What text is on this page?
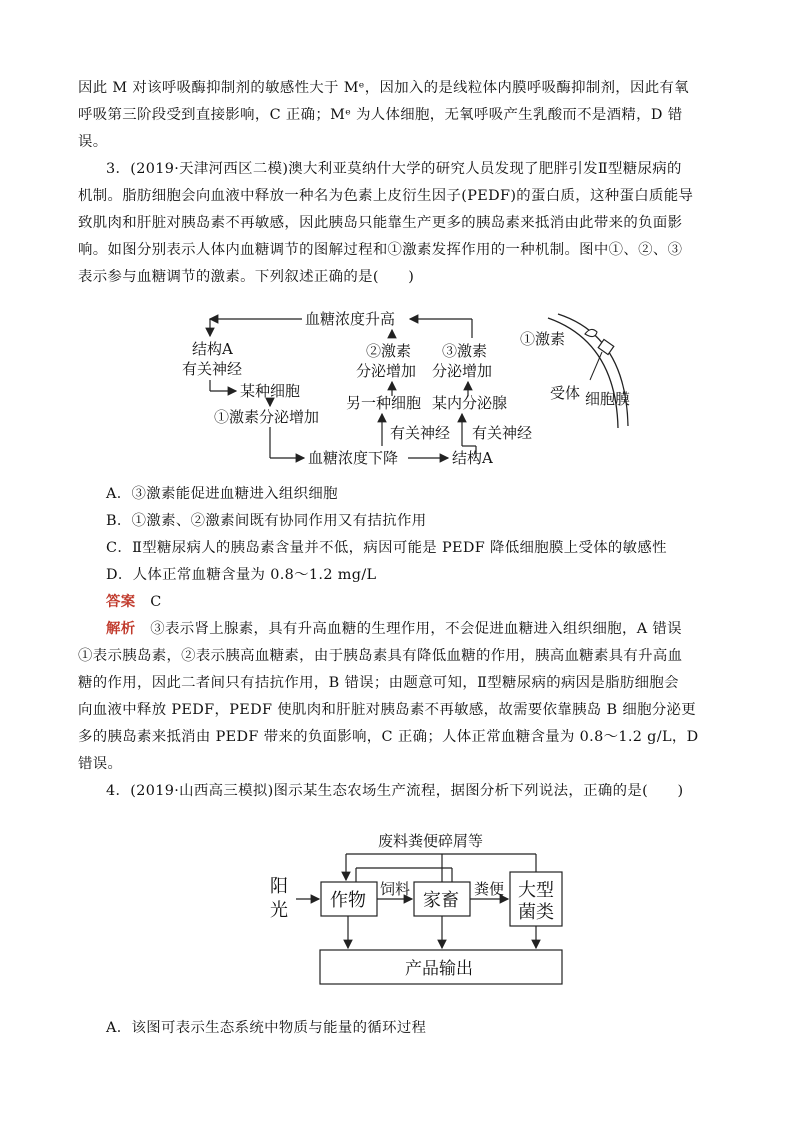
因此 M 对该呼吸酶抑制剂的敏感性大于 Mᵉ，因加入的是线粒体内膜呼吸酶抑制剂，因此有氧
呼吸第三阶段受到直接影响，C 正确；Mᵉ 为人体细胞，无氧呼吸产生乳酸而不是酒精，D 错
误。
3．(2019·天津河西区二模)澳大利亚莫纳什大学的研究人员发现了肥胖引发Ⅱ型糖尿病的
机制。脂肪细胞会向血液中释放一种名为色素上皮衍生因子(PEDF)的蛋白质，这种蛋白质能导
致肌肉和肝脏对胰岛素不再敏感，因此胰岛只能靠生产更多的胰岛素来抵消由此带来的负面影
响。如图分别表示人体内血糖调节的图解过程和①激素发挥作用的一种机制。图中①、②、③
表示参与血糖调节的激素。下列叙述正确的是(　　)
血糖浓度升高
结构A
有关神经
某种细胞
①激素分泌增加
②激素
分泌增加
③激素
分泌增加
另一种细胞 某内分泌腺
有关神经 有关神经
血糖浓度下降	结构A
①激素
受体 细胞膜
A．③激素能促进血糖进入组织细胞
B．①激素、②激素间既有协同作用又有拮抗作用
C．Ⅱ型糖尿病人的胰岛素含量并不低，病因可能是 PEDF 降低细胞膜上受体的敏感性
D．人体正常血糖含量为 0.8～1.2 mg/L
答案 C
解析 ③表示肾上腺素，具有升高血糖的生理作用，不会促进血糖进入组织细胞，A 错误
①表示胰岛素，②表示胰高血糖素，由于胰岛素具有降低血糖的作用，胰高血糖素具有升高血
糖的作用，因此二者间只有拮抗作用，B 错误；由题意可知，Ⅱ型糖尿病的病因是脂肪细胞会
向血液中释放 PEDF，PEDF 使肌肉和肝脏对胰岛素不再敏感，故需要依靠胰岛 B 细胞分泌更
多的胰岛素来抵消由 PEDF 带来的负面影响，C 正确；人体正常血糖含量为 0.8～1.2 g/L，D
错误。
4．(2019·山西高三模拟)图示某生态农场生产流程，据图分析下列说法，正确的是(　　)
废料粪便碎屑等
阳
光 作物
饲料
家畜
粪便 大型
菌类
产品输出
A．该图可表示生态系统中物质与能量的循环过程
